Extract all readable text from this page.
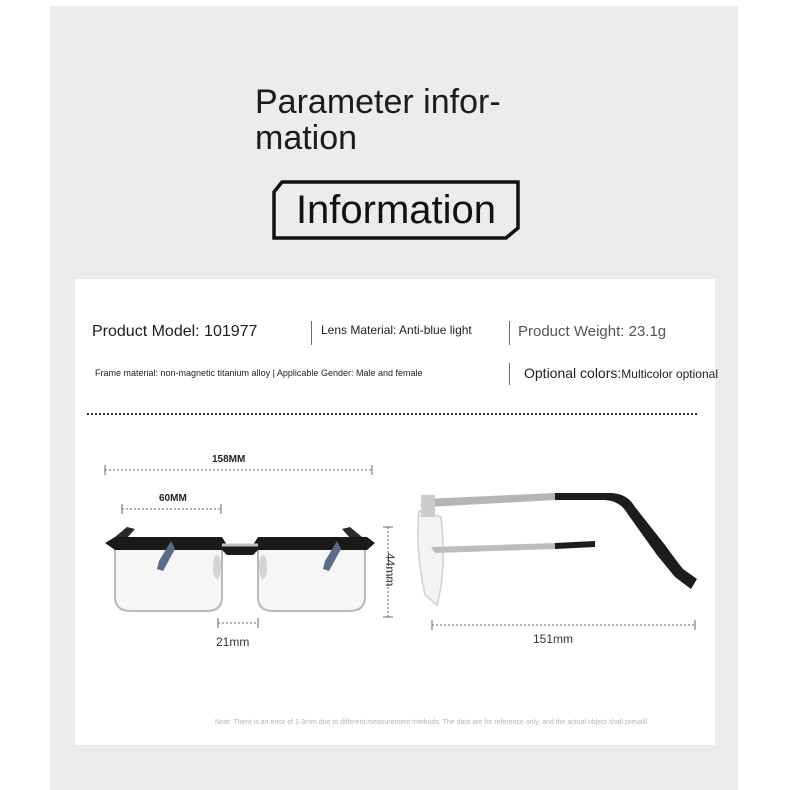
Parameter infor-
mation
Information
Product Model: 101977	Lens Material: Anti-blue light	Product Weight: 23.1g
Frame material: non-magnetic titanium alloy | Applicable Gender: Male and female	Optional colors:Multicolor optional
158MM
60MM
21mm
44mm
151mm
Note: There is an error of 1-3mm due to different measurement methods. The data are for reference only, and the actual object shall prevail!
